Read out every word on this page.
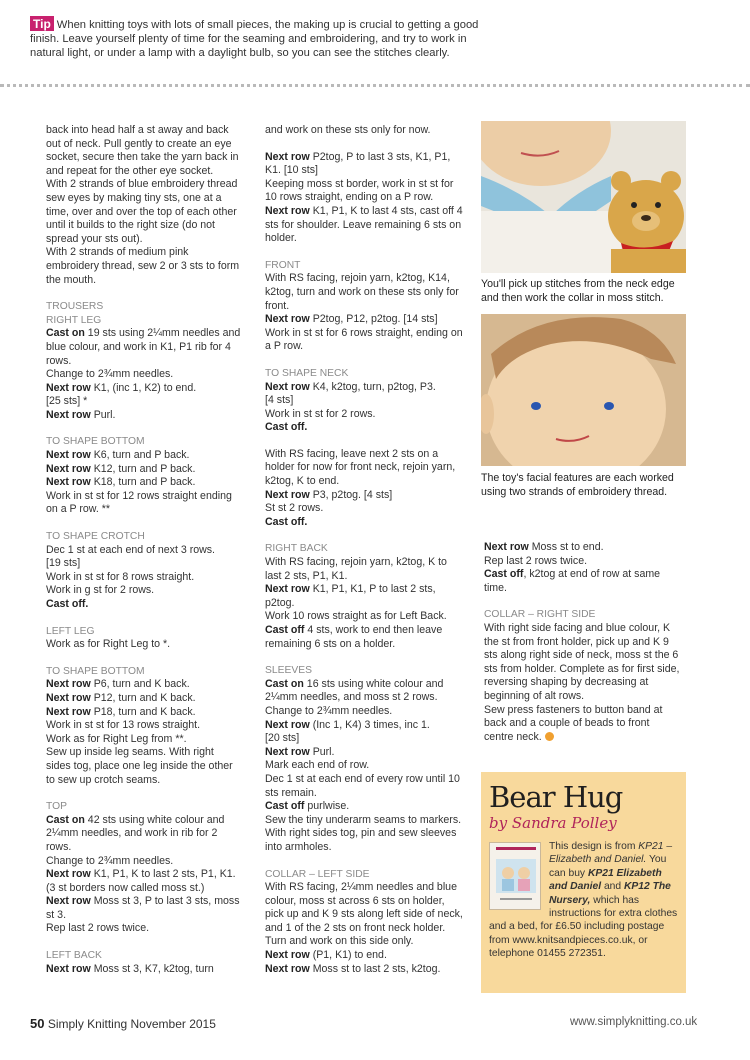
Tip When knitting toys with lots of small pieces, the making up is crucial to getting a good finish. Leave yourself plenty of time for the seaming and embroidering, and try to work in natural light, or under a lamp with a daylight bulb, so you can see the stitches clearly.

back into head half a st away and back out of neck. Pull gently to create an eye socket, secure then take the yarn back in and repeat for the other eye socket.

With 2 strands of blue embroidery thread sew eyes by making tiny sts, one at a time, over and over the top of each other until it builds to the right size (do not spread your sts out).

With 2 strands of medium pink embroidery thread, sew 2 or 3 sts to form the mouth.

TROUSERS

RIGHT LEG

Cast on 19 sts using 2¼mm needles and blue colour, and work in K1, P1 rib for 4 rows.

Change to 2¾mm needles.

Next row K1, (inc 1, K2) to end.

[25 sts] *

Next row Purl.

TO SHAPE BOTTOM

Next row K6, turn and P back.

Next row K12, turn and P back.

Next row K18, turn and P back.

Work in st st for 12 rows straight ending on a P row. **

TO SHAPE CROTCH

Dec 1 st at each end of next 3 rows.

[19 sts]

Work in st st for 8 rows straight.

Work in g st for 2 rows.

Cast off.

LEFT LEG

Work as for Right Leg to *.

TO SHAPE BOTTOM

Next row P6, turn and K back.

Next row P12, turn and K back.

Next row P18, turn and K back.

Work in st st for 13 rows straight.

Work as for Right Leg from **.

Sew up inside leg seams. With right sides tog, place one leg inside the other to sew up crotch seams.

TOP

Cast on 42 sts using white colour and 2¼mm needles, and work in rib for 2 rows.

Change to 2¾mm needles.

Next row K1, P1, K to last 2 sts, P1, K1.

(3 st borders now called moss st.)

Next row Moss st 3, P to last 3 sts, moss st 3.

Rep last 2 rows twice.

LEFT BACK

Next row Moss st 3, K7, k2tog, turn

and work on these sts only for now.

Next row P2tog, P to last 3 sts, K1, P1, K1. [10 sts]

Keeping moss st border, work in st st for 10 rows straight, ending on a P row.

Next row K1, P1, K to last 4 sts, cast off 4 sts for shoulder. Leave remaining 6 sts on holder.

FRONT

With RS facing, rejoin yarn, k2tog, K14, k2tog, turn and work on these sts only for front.

Next row P2tog, P12, p2tog. [14 sts]

Work in st st for 6 rows straight, ending on a P row.

TO SHAPE NECK

Next row K4, k2tog, turn, p2tog, P3.

[4 sts]

Work in st st for 2 rows.

Cast off.

With RS facing, leave next 2 sts on a holder for now for front neck, rejoin yarn, k2tog, K to end.

Next row P3, p2tog. [4 sts]

St st 2 rows.

Cast off.

RIGHT BACK

With RS facing, rejoin yarn, k2tog, K to last 2 sts, P1, K1.

Next row K1, P1, K1, P to last 2 sts, p2tog.

Work 10 rows straight as for Left Back.

Cast off 4 sts, work to end then leave remaining 6 sts on a holder.

SLEEVES

Cast on 16 sts using white colour and 2¼mm needles, and moss st 2 rows.

Change to 2¾mm needles.

Next row (Inc 1, K4) 3 times, inc 1.

[20 sts]

Next row Purl.

Mark each end of row.

Dec 1 st at each end of every row until 10 sts remain.

Cast off purlwise.

Sew the tiny underarm seams to markers. With right sides tog, pin and sew sleeves into armholes.

COLLAR – LEFT SIDE

With RS facing, 2¼mm needles and blue colour, moss st across 6 sts on holder, pick up and K 9 sts along left side of neck, and 1 of the 2 sts on front neck holder. Turn and work on this side only.

Next row (P1, K1) to end.

Next row Moss st to last 2 sts, k2tog.

You'll pick up stitches from the neck edge and then work the collar in moss stitch.

The toy's facial features are each worked using two strands of embroidery thread.

Next row Moss st to end.

Rep last 2 rows twice.

Cast off, k2tog at end of row at same time.

COLLAR – RIGHT SIDE

With right side facing and blue colour, K the st from front holder, pick up and K 9 sts along right side of neck, moss st the 6 sts from holder. Complete as for first side, reversing shaping by decreasing at beginning of alt rows.

Sew press fasteners to button band at back and a couple of beads to front centre neck.

Bear Hug
by Sandra Polley
This design is from KP21 – Elizabeth and Daniel. You can buy KP21 Elizabeth and Daniel and KP12 The Nursery, which has instructions for extra clothes and a bed, for £6.50 including postage from www.knitsandpieces.co.uk, or telephone 01455 272351.
50 Simply Knitting November 2015	www.simplyknitting.co.uk
